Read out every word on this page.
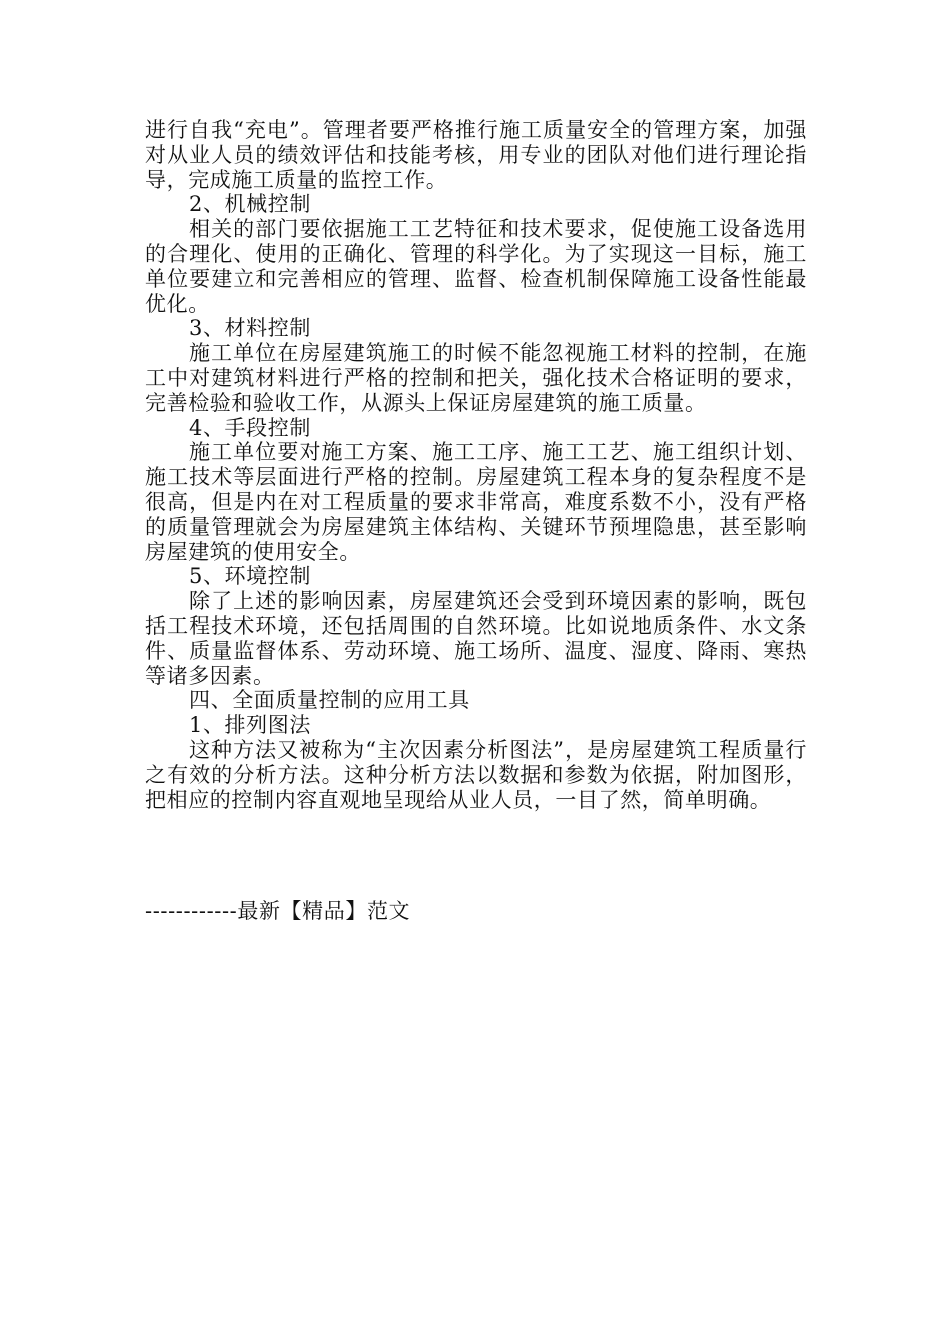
进行自我“充电”。管理者要严格推行施工质量安全的管理方案，加强对从业人员的绩效评估和技能考核，用专业的团队对他们进行理论指导，完成施工质量的监控工作。

2、机械控制

相关的部门要依据施工工艺特征和技术要求，促使施工设备选用的合理化、使用的正确化、管理的科学化。为了实现这一目标，施工单位要建立和完善相应的管理、监督、检查机制保障施工设备性能最优化。

3、材料控制

施工单位在房屋建筑施工的时候不能忽视施工材料的控制，在施工中对建筑材料进行严格的控制和把关，强化技术合格证明的要求，完善检验和验收工作，从源头上保证房屋建筑的施工质量。

4、手段控制

施工单位要对施工方案、施工工序、施工工艺、施工组织计划、施工技术等层面进行严格的控制。房屋建筑工程本身的复杂程度不是很高，但是内在对工程质量的要求非常高，难度系数不小，没有严格的质量管理就会为房屋建筑主体结构、关键环节预埋隐患，甚至影响房屋建筑的使用安全。

5、环境控制

除了上述的影响因素，房屋建筑还会受到环境因素的影响，既包括工程技术环境，还包括周围的自然环境。比如说地质条件、水文条件、质量监督体系、劳动环境、施工场所、温度、湿度、降雨、寒热等诸多因素。

四、全面质量控制的应用工具

1、排列图法

这种方法又被称为“主次因素分析图法”，是房屋建筑工程质量行之有效的分析方法。这种分析方法以数据和参数为依据，附加图形，把相应的控制内容直观地呈现给从业人员，一目了然，简单明确。

------------最新【精品】范文
